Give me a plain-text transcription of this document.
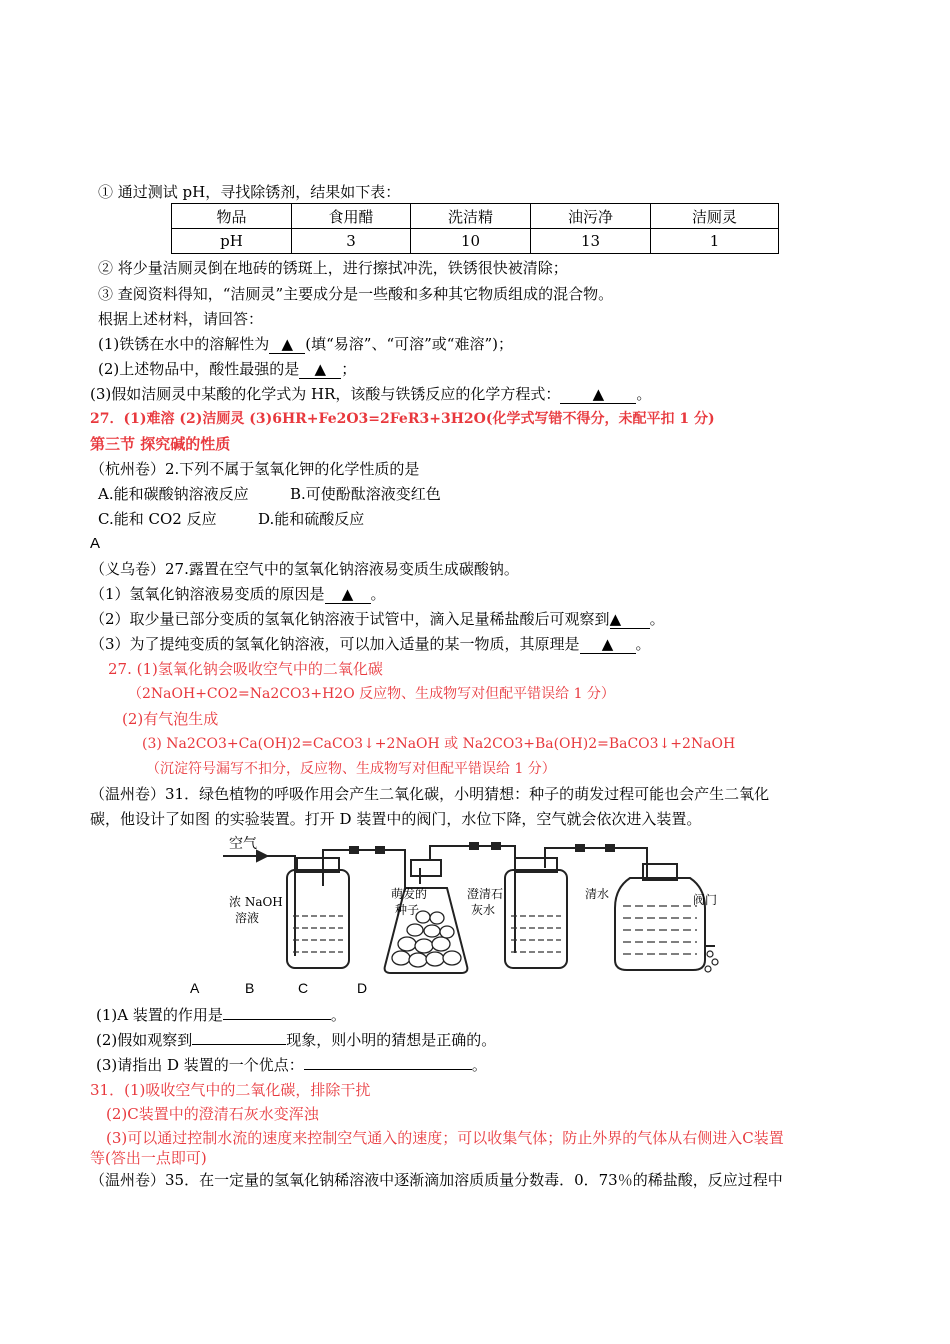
① 通过测试 pH，寻找除锈剂，结果如下表：
物品	食用醋	洗洁精	油污净	洁厕灵
pH	3	10	13	1
② 将少量洁厕灵倒在地砖的锈斑上，进行擦拭冲洗，铁锈很快被清除；
③ 查阅资料得知，“洁厕灵”主要成分是一些酸和多种其它物质组成的混合物。
根据上述材料，请回答：
(1)铁锈在水中的溶解性为 ▲ (填“易溶”、“可溶”或“难溶”)；
(2)上述物品中，酸性最强的是 ▲ ；
(3)假如洁厕灵中某酸的化学式为 HR，该酸与铁锈反应的化学方程式： ▲ 。
27．(1)难溶 (2)洁厕灵 (3)6HR+Fe2O3=2FeR3+3H2O(化学式写错不得分，未配平扣 1 分)
第三节 探究碱的性质
（杭州卷）2.下列不属于氢氧化钾的化学性质的是
A.能和碳酸钠溶液反应	B.可使酚酞溶液变红色
C.能和 CO2 反应	D.能和硫酸反应
A
（义乌卷）27.露置在空气中的氢氧化钠溶液易变质生成碳酸钠。
（1）氢氧化钠溶液易变质的原因是 ▲ 。
（2）取少量已部分变质的氢氧化钠溶液于试管中，滴入足量稀盐酸后可观察到▲ 。
（3）为了提纯变质的氢氧化钠溶液，可以加入适量的某一物质，其原理是 ▲ 。
27. (1)氢氧化钠会吸收空气中的二氧化碳
（2NaOH+CO2=Na2CO3+H2O 反应物、生成物写对但配平错误给 1 分）
(2)有气泡生成
(3) Na2CO3+Ca(OH)2=CaCO3↓+2NaOH 或 Na2CO3+Ba(OH)2=BaCO3↓+2NaOH
（沉淀符号漏写不扣分，反应物、生成物写对但配平错误给 1 分）
（温州卷）31．绿色植物的呼吸作用会产生二氧化碳，小明猜想：种子的萌发过程可能也会产生二氧化
碳，他设计了如图 的实验装置。打开 D 装置中的阀门，水位下降，空气就会依次进入装置。
空气
浓 NaOH
溶液
萌发的
种子
澄清石
灰水
清水	阀门
A	B	C	D
(1)A 装置的作用是	。
(2)假如观察到	现象，则小明的猜想是正确的。
(3)请指出 D 装置的一个优点：	。
31．(1)吸收空气中的二氧化碳，排除干扰
(2)C装置中的澄清石灰水变浑浊
(3)可以通过控制水流的速度来控制空气通入的速度；可以收集气体；防止外界的气体从右侧进入C装置
等(答出一点即可)
（温州卷）35．在一定量的氢氧化钠稀溶液中逐渐滴加溶质质量分数毒．0．73％的稀盐酸，反应过程中
